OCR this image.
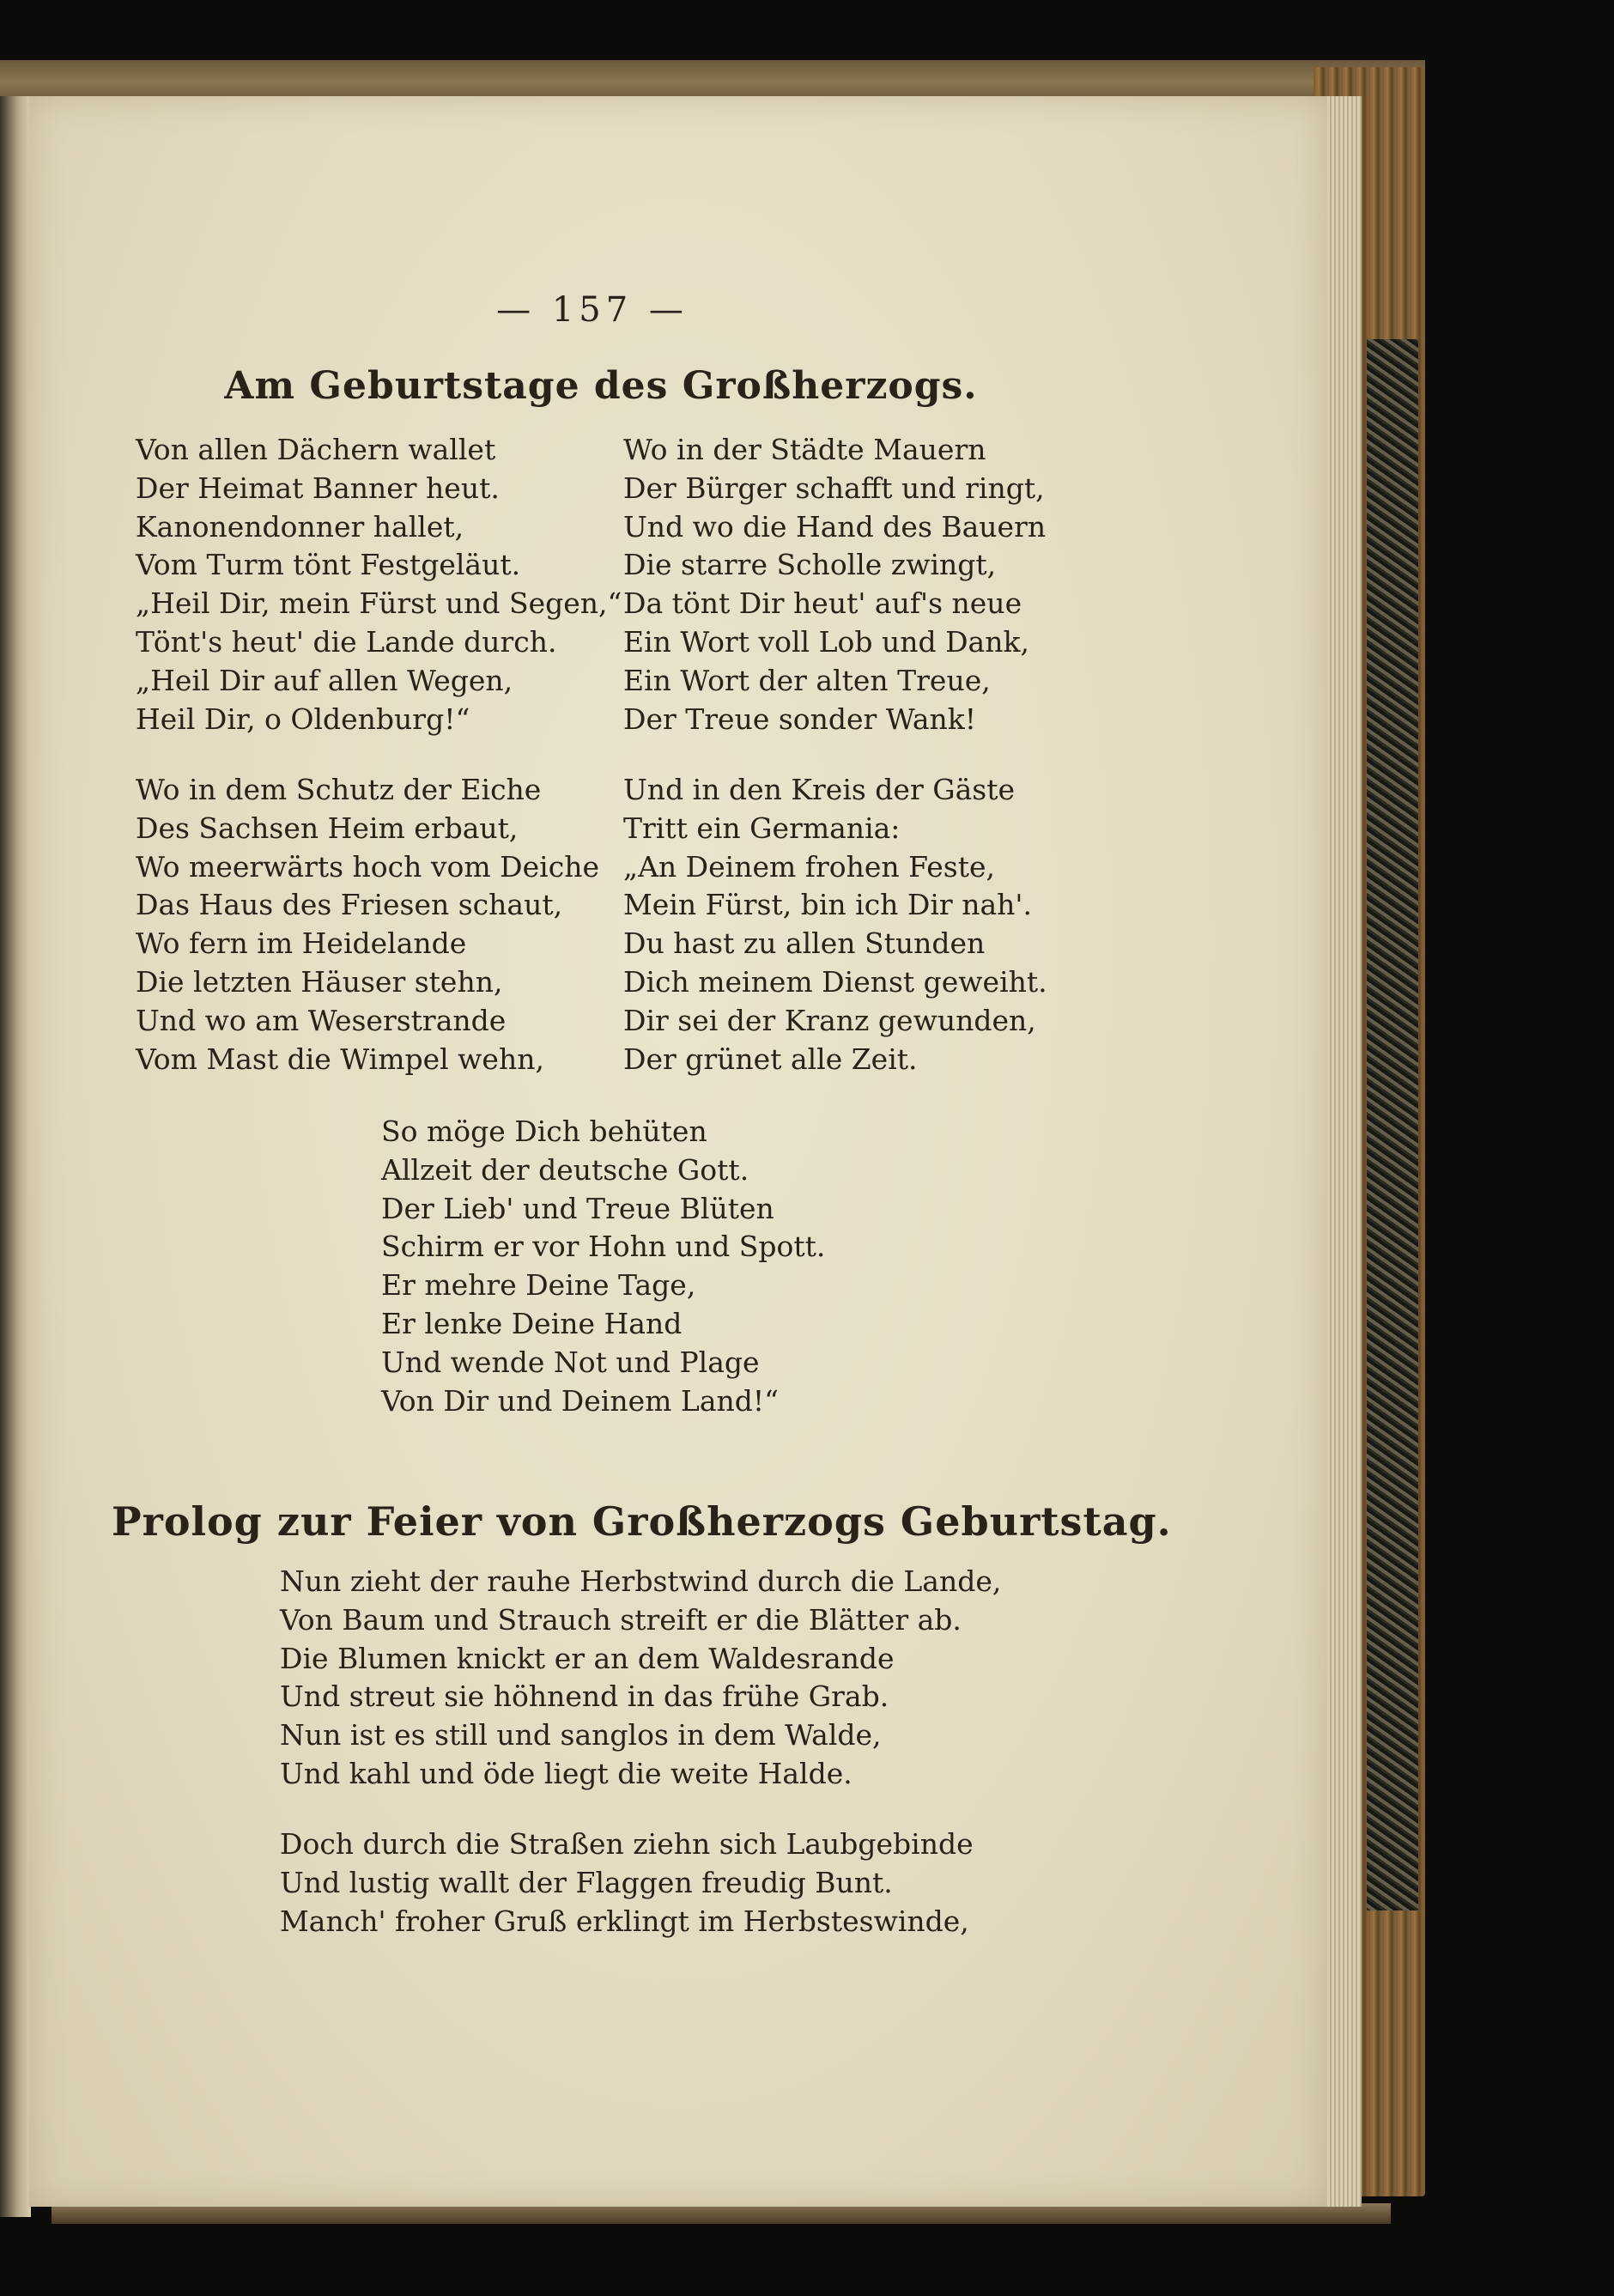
— 157 —
Am Geburtstage des Großherzogs.
Von allen Dächern wallet
Der Heimat Banner heut.
Kanonendonner hallet,
Vom Turm tönt Festgeläut.
„Heil Dir, mein Fürst und Segen,“
Tönt's heut' die Lande durch.
„Heil Dir auf allen Wegen,
Heil Dir, o Oldenburg!“
Wo in der Städte Mauern
Der Bürger schafft und ringt,
Und wo die Hand des Bauern
Die starre Scholle zwingt,
Da tönt Dir heut' auf's neue
Ein Wort voll Lob und Dank,
Ein Wort der alten Treue,
Der Treue sonder Wank!
Wo in dem Schutz der Eiche
Des Sachsen Heim erbaut,
Wo meerwärts hoch vom Deiche
Das Haus des Friesen schaut,
Wo fern im Heidelande
Die letzten Häuser stehn,
Und wo am Weserstrande
Vom Mast die Wimpel wehn,
Und in den Kreis der Gäste
Tritt ein Germania:
„An Deinem frohen Feste,
Mein Fürst, bin ich Dir nah'.
Du hast zu allen Stunden
Dich meinem Dienst geweiht.
Dir sei der Kranz gewunden,
Der grünet alle Zeit.
So möge Dich behüten
Allzeit der deutsche Gott.
Der Lieb' und Treue Blüten
Schirm er vor Hohn und Spott.
Er mehre Deine Tage,
Er lenke Deine Hand
Und wende Not und Plage
Von Dir und Deinem Land!“
Prolog zur Feier von Großherzogs Geburtstag.
Nun zieht der rauhe Herbstwind durch die Lande,
Von Baum und Strauch streift er die Blätter ab.
Die Blumen knickt er an dem Waldesrande
Und streut sie höhnend in das frühe Grab.
Nun ist es still und sanglos in dem Walde,
Und kahl und öde liegt die weite Halde.
Doch durch die Straßen ziehn sich Laubgebinde
Und lustig wallt der Flaggen freudig Bunt.
Manch' froher Gruß erklingt im Herbsteswinde,
